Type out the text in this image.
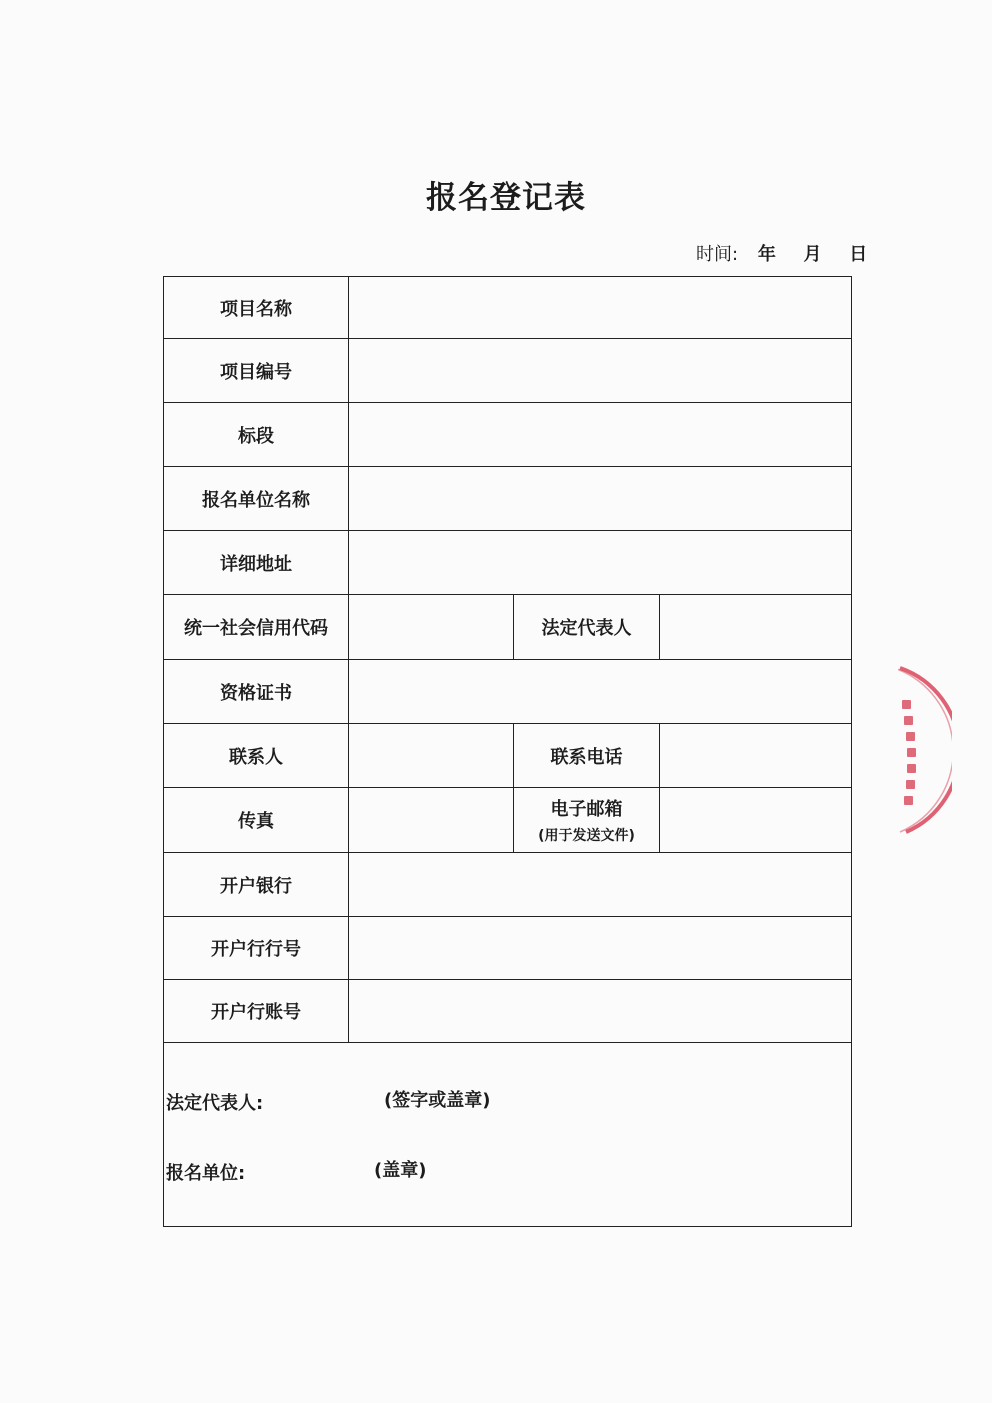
报名登记表
时间: 年 月 日
项目名称			
项目编号			
标段			
报名单位名称			
详细地址			
统一社会信用代码		法定代表人	
资格证书			
联系人		联系电话	
传真		电子邮箱
(用于发送文件)	

开户银行			
开户行行号			
开户行账号			

法定代表人: (签字或盖章)
报名单位: (盖章)			
